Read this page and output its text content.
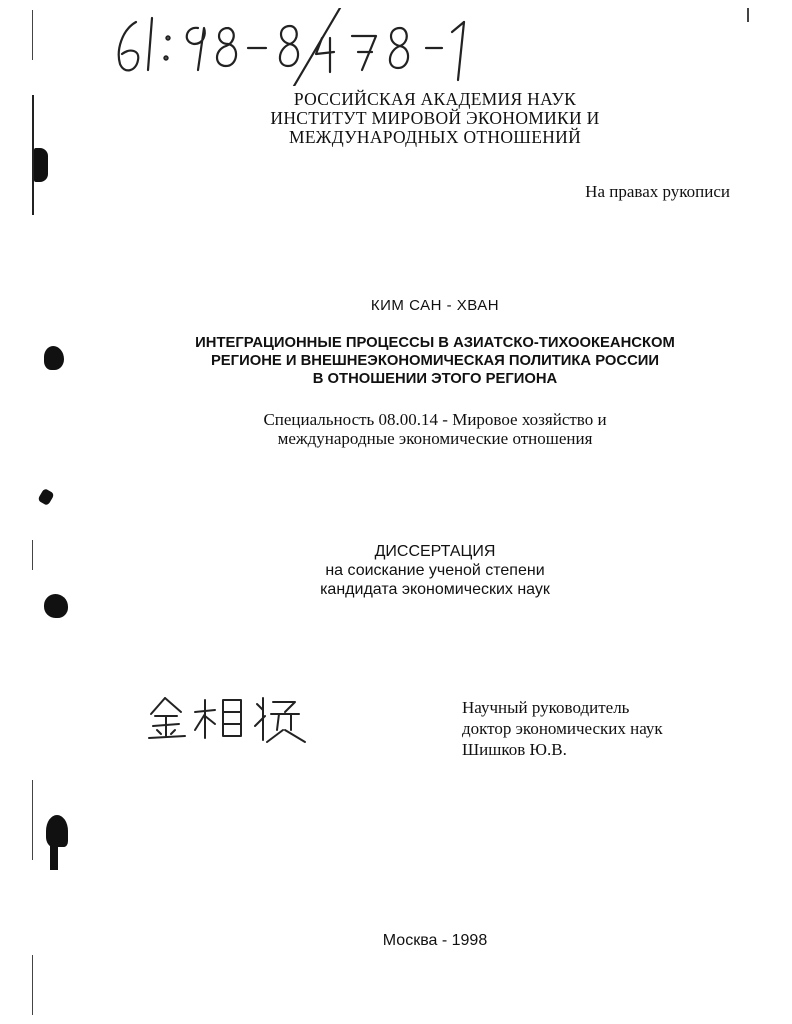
РОССИЙСКАЯ АКАДЕМИЯ НАУК
ИНСТИТУТ МИРОВОЙ ЭКОНОМИКИ И
МЕЖДУНАРОДНЫХ ОТНОШЕНИЙ
На правах рукописи
КИМ САН - ХВАН
ИНТЕГРАЦИОННЫЕ ПРОЦЕССЫ В АЗИАТСКО-ТИХООКЕАНСКОМ
РЕГИОНЕ И ВНЕШНЕЭКОНОМИЧЕСКАЯ ПОЛИТИКА РОССИИ
В ОТНОШЕНИИ ЭТОГО РЕГИОНА
Специальность 08.00.14 - Мировое хозяйство и
международные экономические отношения
ДИССЕРТАЦИЯ
на соискание ученой степени
кандидата экономических наук
Научный руководитель
доктор экономических наук
Шишков Ю.В.
Москва - 1998
